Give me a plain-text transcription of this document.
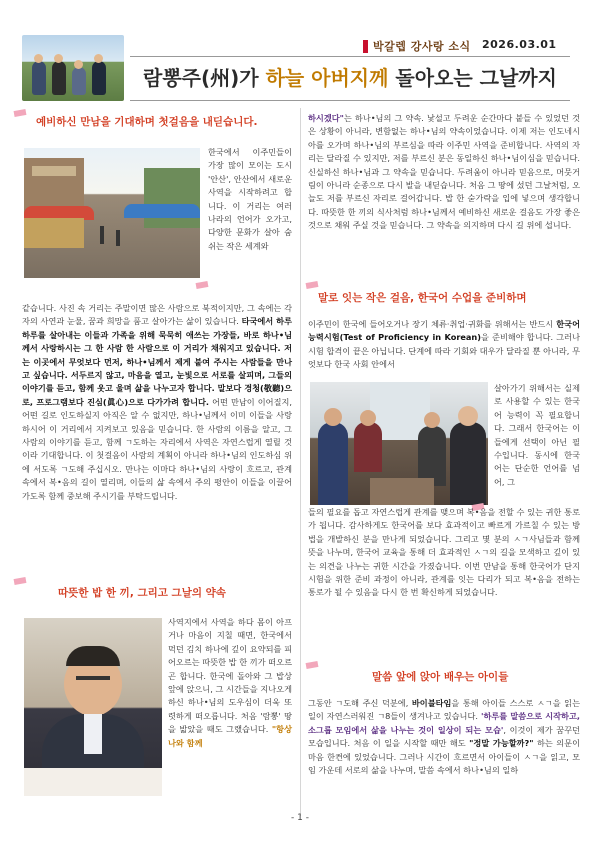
박갈렙 강사랑 소식 2026.03.01
람뽕주(州)가 하늘 아버지께 돌아오는 그날까지
예비하신 만남을 기대하며 첫걸음을 내딛습니다.
한국에서 이주민들이 가장 많이 모이는 도시 '안산', 안산에서 새로운 사역을 시작하려고 합니다. 이 거리는 여러 나라의 언어가 오가고, 다양한 문화가 살아 숨 쉬는 작은 세계와
같습니다. 사진 속 거리는 주말이면 많은 사람으로 북적이지만, 그 속에는 각자의 사연과 눈물, 꿈과 희망을 품고 살아가는 삶이 있습니다. 타국에서 하루하루를 살아내는 이들과 가족을 위해 묵묵히 애쓰는 가장들, 바로 하나•님께서 사랑하시는 그 한 사람 한 사람으로 이 거리가 채워지고 있습니다. 저는 이곳에서 무엇보다 먼저, 하나•님께서 제게 붙여 주시는 사람들을 만나고 싶습니다. 서두르지 않고, 마음을 열고, 눈빛으로 서로를 살피며, 그들의 이야기를 듣고, 함께 웃고 울며 삶을 나누고자 합니다. 말보다 경청(敬聽)으로, 프로그램보다 진심(眞心)으로 다가가려 합니다. 어떤 만남이 이어질지, 어떤 길로 인도하실지 아직은 알 수 없지만, 하나•님께서 이미 이들을 사랑하시어 이 거리에서 지켜보고 있음을 믿습니다. 한 사람의 이름을 알고, 그 사람의 이야기를 듣고, 함께 ㄱ도하는 자리에서 사역은 자연스럽게 열릴 것이라 기대합니다. 이 첫걸음이 사람의 계획이 아니라 하나•님의 인도하심 위에 서도록 ㄱ도해 주십시오. 만나는 이마다 하나•님의 사랑이 흐르고, 관계 속에서 복•음의 길이 열리며, 이들의 삶 속에서 주의 평안이 이들을 이끌어가도록 함께 중보해 주시기를 부탁드립니다.
따뜻한 밥 한 끼, 그리고 그날의 약속
사역지에서 사역을 하다 몸이 아프거나 마음이 지칠 때면, 한국에서 먹던 김치 하나에 깊이 요약되를 피어오르는 따뜻한 밥 한 끼가 떠오르곤 합니다. 한국에 돌아와 그 밥상 앞에 앉으니, 그 시간들을 지나오게 하신 하나•님의 도우심이 더욱 또렷하게 떠오릅니다. 처음 '람뽕' 땅을 밟았을 때도 그랬습니다. "항상 나와 함께
하시겠다"는 하나•님의 그 약속. 낯설고 두려운 순간마다 붙들 수 있었던 것은 상황이 아니라, 변함없는 하나•님의 약속이었습니다. 이제 저는 인도네시아를 오가며 하나•님의 부르심을 따라 이주민 사역을 준비합니다. 사역의 자리는 달라질 수 있지만, 저를 부르신 분은 동일하신 하나•님이심을 믿습니다. 신실하신 하나•님과 그 약속을 믿습니다. 두려움이 아니라 믿음으로, 머뭇거림이 아니라 순종으로 다시 발을 내딛습니다. 처음 그 땅에 섰던 그날처럼, 오늘도 저를 부르신 자리로 걸어갑니다. 밥 한 숟가락을 입에 넣으며 생각합니다. 따뜻한 한 끼의 식사처럼 하나•님께서 예비하신 새로운 걸음도 가장 좋은 것으로 채워 주실 것을 믿습니다. 그 약속을 의지하며 다시 길 위에 섭니다.
말로 잇는 작은 걸음, 한국어 수업을 준비하며
이주민이 한국에 들어오거나 장기 체류·취업·귀화를 위해서는 반드시 한국어능력시험(Test of Proficiency in Korean)을 준비해야 합니다. 그러나 시험 합격이 끝은 아닙니다. 단계에 따라 기회와 대우가 달라질 뿐 아니라, 무엇보다 한국 사회 안에서
살아가기 위해서는 실제로 사용할 수 있는 한국어 능력이 꼭 필요합니다. 그래서 한국어는 이들에게 선택이 아닌 필수입니다. 동시에 한국어는 단순한 언어를 넘어, 그
들의 필요를 돕고 자연스럽게 관계를 맺으며 복•음을 전할 수 있는 귀한 통로가 됩니다. 감사하게도 한국어를 보다 효과적이고 빠르게 가르칠 수 있는 방법을 개발하신 분을 만나게 되었습니다. 그리고 몇 분의 ㅅㄱ사님들과 함께 뜻을 나누며, 한국어 교육을 통해 더 효과적인 ㅅㄱ의 길을 모색하고 깊이 있는 의견을 나누는 귀한 시간을 가졌습니다. 이번 만남을 통해 한국어가 단지 시험을 위한 준비 과정이 아니라, 관계를 잇는 다리가 되고 복•음을 전하는 통로가 될 수 있음을 다시 한 번 확신하게 되었습니다.
말씀 앞에 앉아 배우는 아이들
그동안 ㄱ도해 주신 덕분에, 바이블타임을 통해 아이들 스스로 ㅅㄱ을 읽는 일이 자연스러워진 ㄱ8들이 생겨나고 있습니다. '하루를 말씀으로 시작하고, 소그룹 모임에서 삶을 나누는 것이 일상이 되는 모습', 이것이 제가 꿈꾸던 모습입니다. 처음 이 일을 시작할 때만 해도 "정말 가능할까?" 하는 의문이 마음 한켠에 있었습니다. 그러나 시간이 흐르면서 아이들이 ㅅㄱ을 읽고, 모임 가운데 서로의 삶을 나누며, 말씀 속에서 하나•님의 일하
- 1 -
